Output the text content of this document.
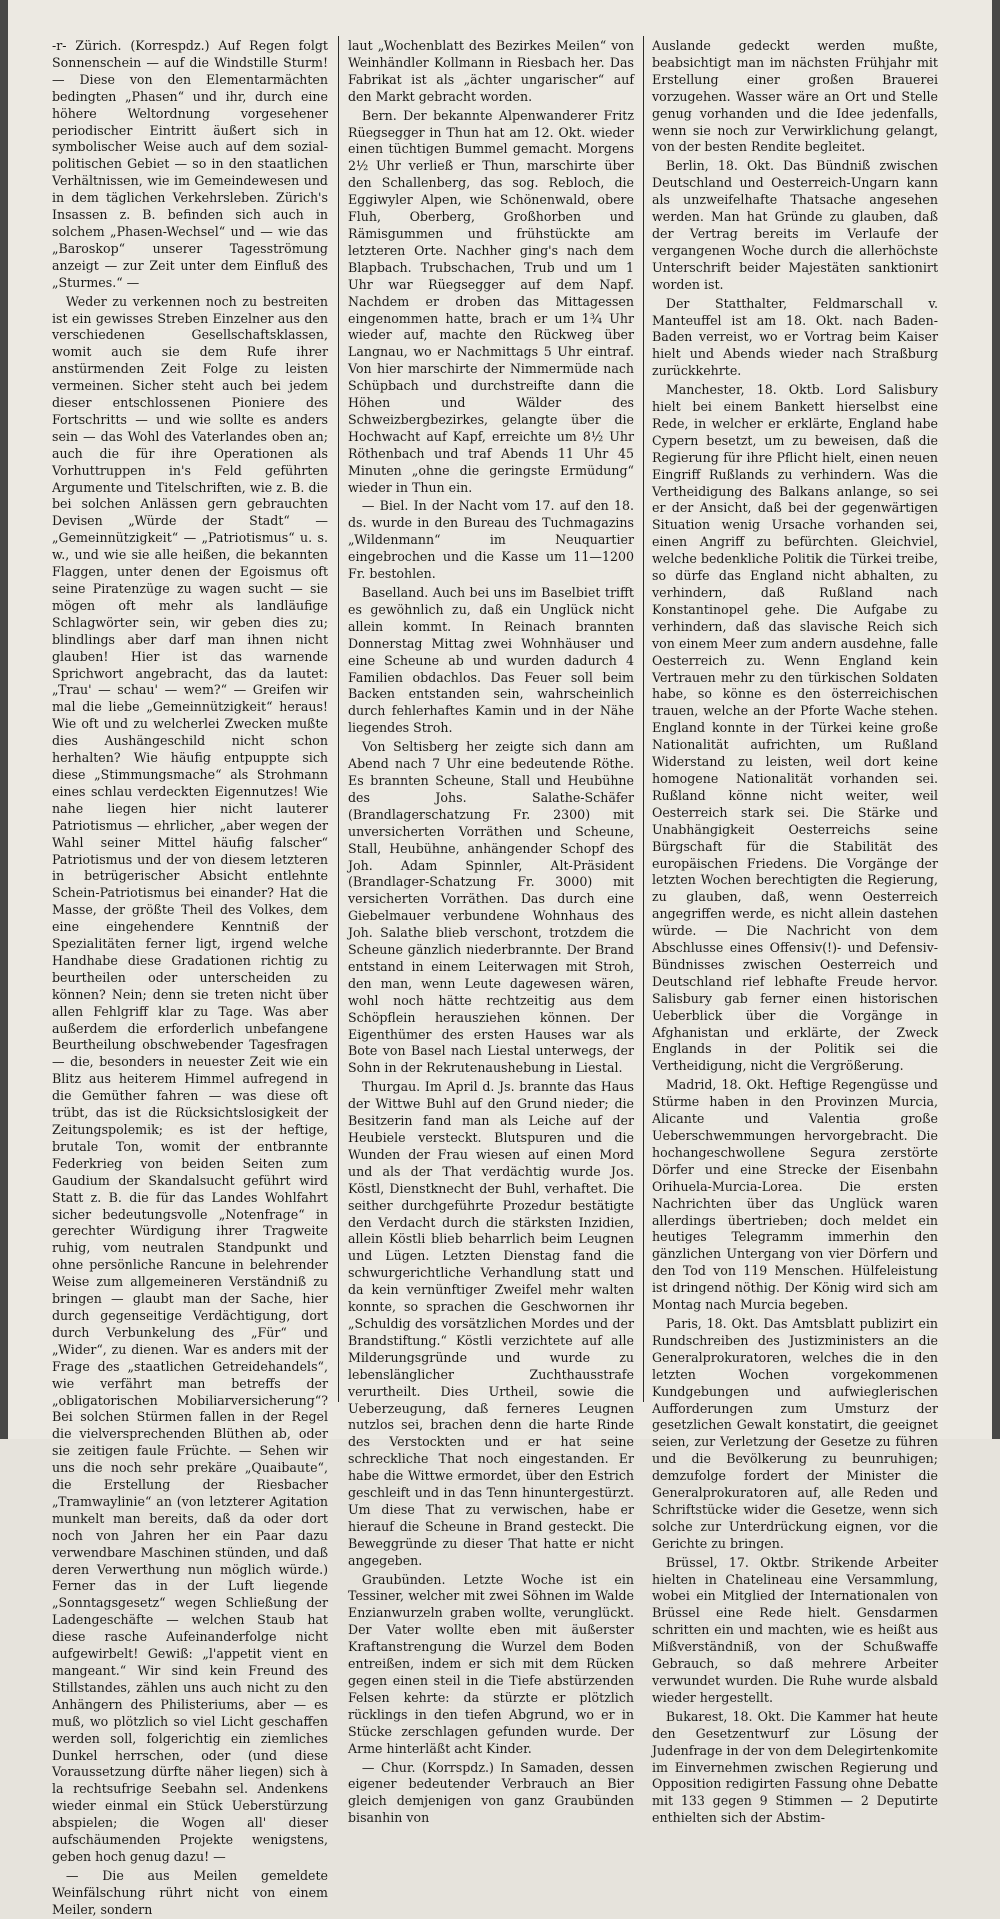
-r- Zürich. (Korrespdz.) Auf Regen folgt Sonnenschein — auf die Windstille Sturm! — Diese von den Elementarmächten bedingten „Phasen“ und ihr, durch eine höhere Weltordnung vorgesehener periodischer Eintritt äußert sich in symbolischer Weise auch auf dem sozial-politischen Gebiet — so in den staatlichen Verhältnissen, wie im Gemeindewesen und in dem täglichen Verkehrsleben. Zürich's Insassen z. B. befinden sich auch in solchem „Phasen-Wechsel“ und — wie das „Baroskop“ unserer Tagesströmung anzeigt — zur Zeit unter dem Einfluß des „Sturmes.“ —

Weder zu verkennen noch zu bestreiten ist ein gewisses Streben Einzelner aus den verschiedenen Gesellschaftsklassen, womit auch sie dem Rufe ihrer anstürmenden Zeit Folge zu leisten vermeinen. Sicher steht auch bei jedem dieser entschlossenen Pioniere des Fortschritts — und wie sollte es anders sein — das Wohl des Vaterlandes oben an; auch die für ihre Operationen als Vorhuttruppen in's Feld geführten Argumente und Titelschriften, wie z. B. die bei solchen Anlässen gern gebrauchten Devisen „Würde der Stadt“ — „Gemeinnützigkeit“ — „Patriotismus“ u. s. w., und wie sie alle heißen, die bekannten Flaggen, unter denen der Egoismus oft seine Piratenzüge zu wagen sucht — sie mögen oft mehr als landläufige Schlagwörter sein, wir geben dies zu; blindlings aber darf man ihnen nicht glauben! Hier ist das warnende Sprichwort angebracht, das da lautet: „Trau' — schau' — wem?“ — Greifen wir mal die liebe „Gemeinnützigkeit“ heraus! Wie oft und zu welcherlei Zwecken mußte dies Aushängeschild nicht schon herhalten? Wie häufig entpuppte sich diese „Stimmungsmache“ als Strohmann eines schlau verdeckten Eigennutzes! Wie nahe liegen hier nicht lauterer Patriotismus — ehrlicher, „aber wegen der Wahl seiner Mittel häufig falscher“ Patriotismus und der von diesem letzteren in betrügerischer Absicht entlehnte Schein-Patriotismus bei einander? Hat die Masse, der größte Theil des Volkes, dem eine eingehendere Kenntniß der Spezialitäten ferner ligt, irgend welche Handhabe diese Gradationen richtig zu beurtheilen oder unterscheiden zu können? Nein; denn sie treten nicht über allen Fehlgriff klar zu Tage. Was aber außerdem die erforderlich unbefangene Beurtheilung obschwebender Tagesfragen — die, besonders in neuester Zeit wie ein Blitz aus heiterem Himmel aufregend in die Gemüther fahren — was diese oft trübt, das ist die Rücksichtslosigkeit der Zeitungspolemik; es ist der heftige, brutale Ton, womit der entbrannte Federkrieg von beiden Seiten zum Gaudium der Skandalsucht geführt wird Statt z. B. die für das Landes Wohlfahrt sicher bedeutungsvolle „Notenfrage“ in gerechter Würdigung ihrer Tragweite ruhig, vom neutralen Standpunkt und ohne persönliche Rancune in belehrender Weise zum allgemeineren Verständniß zu bringen — glaubt man der Sache, hier durch gegenseitige Verdächtigung, dort durch Verbunkelung des „Für“ und „Wider“, zu dienen. War es anders mit der Frage des „staatlichen Getreidehandels“, wie verfährt man betreffs der „obligatorischen Mobiliarversicherung“? Bei solchen Stürmen fallen in der Regel die vielversprechenden Blüthen ab, oder sie zeitigen faule Früchte. — Sehen wir uns die noch sehr prekäre „Quaibaute“, die Erstellung der Riesbacher „Tramwaylinie“ an (von letzterer Agitation munkelt man bereits, daß da oder dort noch von Jahren her ein Paar dazu verwendbare Maschinen stünden, und daß deren Verwerthung nun möglich würde.) Ferner das in der Luft liegende „Sonntagsgesetz“ wegen Schließung der Ladengeschäfte — welchen Staub hat diese rasche Aufeinanderfolge nicht aufgewirbelt! Gewiß: „l'appetit vient en mangeant.“ Wir sind kein Freund des Stillstandes, zählen uns auch nicht zu den Anhängern des Philisteriums, aber — es muß, wo plötzlich so viel Licht geschaffen werden soll, folgerichtig ein ziemliches Dunkel herrschen, oder (und diese Voraussetzung dürfte näher liegen) sich à la rechtsufrige Seebahn sel. Andenkens wieder einmal ein Stück Ueberstürzung abspielen; die Wogen all' dieser aufschäumenden Projekte wenigstens, geben hoch genug dazu! —

— Die aus Meilen gemeldete Weinfälschung rührt nicht von einem Meiler, sondern

laut „Wochenblatt des Bezirkes Meilen“ von Weinhändler Kollmann in Riesbach her. Das Fabrikat ist als „ächter ungarischer“ auf den Markt gebracht worden.

Bern. Der bekannte Alpenwanderer Fritz Rüegsegger in Thun hat am 12. Okt. wieder einen tüchtigen Bummel gemacht. Morgens 2½ Uhr verließ er Thun, marschirte über den Schallenberg, das sog. Rebloch, die Eggiwyler Alpen, wie Schönenwald, obere Fluh, Oberberg, Großhorben und Rämisgummen und frühstückte am letzteren Orte. Nachher ging's nach dem Blapbach. Trubschachen, Trub und um 1 Uhr war Rüegsegger auf dem Napf. Nachdem er droben das Mittagessen eingenommen hatte, brach er um 1¾ Uhr wieder auf, machte den Rückweg über Langnau, wo er Nachmittags 5 Uhr eintraf. Von hier marschirte der Nimmermüde nach Schüpbach und durchstreifte dann die Höhen und Wälder des Schweizbergbezirkes, gelangte über die Hochwacht auf Kapf, erreichte um 8½ Uhr Röthenbach und traf Abends 11 Uhr 45 Minuten „ohne die geringste Ermüdung“ wieder in Thun ein.

— Biel. In der Nacht vom 17. auf den 18. ds. wurde in den Bureau des Tuchmagazins „Wildenmann“ im Neuquartier eingebrochen und die Kasse um 11—1200 Fr. bestohlen.

Baselland. Auch bei uns im Baselbiet trifft es gewöhnlich zu, daß ein Unglück nicht allein kommt. In Reinach brannten Donnerstag Mittag zwei Wohnhäuser und eine Scheune ab und wurden dadurch 4 Familien obdachlos. Das Feuer soll beim Backen entstanden sein, wahrscheinlich durch fehlerhaftes Kamin und in der Nähe liegendes Stroh.

Von Seltisberg her zeigte sich dann am Abend nach 7 Uhr eine bedeutende Röthe. Es brannten Scheune, Stall und Heubühne des Johs. Salathe-Schäfer (Brandlagerschatzung Fr. 2300) mit unversicherten Vorräthen und Scheune, Stall, Heubühne, anhängender Schopf des Joh. Adam Spinnler, Alt-Präsident (Brandlager-Schatzung Fr. 3000) mit versicherten Vorräthen. Das durch eine Giebelmauer verbundene Wohnhaus des Joh. Salathe blieb verschont, trotzdem die Scheune gänzlich niederbrannte. Der Brand entstand in einem Leiterwagen mit Stroh, den man, wenn Leute dagewesen wären, wohl noch hätte rechtzeitig aus dem Schöpflein herausziehen können. Der Eigenthümer des ersten Hauses war als Bote von Basel nach Liestal unterwegs, der Sohn in der Rekrutenaushebung in Liestal.

Thurgau. Im April d. Js. brannte das Haus der Wittwe Buhl auf den Grund nieder; die Besitzerin fand man als Leiche auf der Heubiele versteckt. Blutspuren und die Wunden der Frau wiesen auf einen Mord und als der That verdächtig wurde Jos. Köstl, Dienstknecht der Buhl, verhaftet. Die seither durchgeführte Prozedur bestätigte den Verdacht durch die stärksten Inzidien, allein Köstli blieb beharrlich beim Leugnen und Lügen. Letzten Dienstag fand die schwurgerichtliche Verhandlung statt und da kein vernünftiger Zweifel mehr walten konnte, so sprachen die Geschwornen ihr „Schuldig des vorsätzlichen Mordes und der Brandstiftung.“ Köstli verzichtete auf alle Milderungsgründe und wurde zu lebenslänglicher Zuchthausstrafe verurtheilt. Dies Urtheil, sowie die Ueberzeugung, daß ferneres Leugnen nutzlos sei, brachen denn die harte Rinde des Verstockten und er hat seine schreckliche That noch eingestanden. Er habe die Wittwe ermordet, über den Estrich geschleift und in das Tenn hinuntergestürzt. Um diese That zu verwischen, habe er hierauf die Scheune in Brand gesteckt. Die Beweggründe zu dieser That hatte er nicht angegeben.

Graubünden. Letzte Woche ist ein Tessiner, welcher mit zwei Söhnen im Walde Enzianwurzeln graben wollte, verunglückt. Der Vater wollte eben mit äußerster Kraftanstrengung die Wurzel dem Boden entreißen, indem er sich mit dem Rücken gegen einen steil in die Tiefe abstürzenden Felsen kehrte: da stürzte er plötzlich rücklings in den tiefen Abgrund, wo er in Stücke zerschlagen gefunden wurde. Der Arme hinterläßt acht Kinder.

— Chur. (Korrspdz.) In Samaden, dessen eigener bedeutender Verbrauch an Bier gleich demjenigen von ganz Graubünden bisanhin von

Auslande gedeckt werden mußte, beabsichtigt man im nächsten Frühjahr mit Erstellung einer großen Brauerei vorzugehen. Wasser wäre an Ort und Stelle genug vorhanden und die Idee jedenfalls, wenn sie noch zur Verwirklichung gelangt, von der besten Rendite begleitet.

Berlin, 18. Okt. Das Bündniß zwischen Deutschland und Oesterreich-Ungarn kann als unzweifelhafte Thatsache angesehen werden. Man hat Gründe zu glauben, daß der Vertrag bereits im Verlaufe der vergangenen Woche durch die allerhöchste Unterschrift beider Majestäten sanktionirt worden ist.

Der Statthalter, Feldmarschall v. Manteuffel ist am 18. Okt. nach Baden-Baden verreist, wo er Vortrag beim Kaiser hielt und Abends wieder nach Straßburg zurückkehrte.

Manchester, 18. Oktb. Lord Salisbury hielt bei einem Bankett hierselbst eine Rede, in welcher er erklärte, England habe Cypern besetzt, um zu beweisen, daß die Regierung für ihre Pflicht hielt, einen neuen Eingriff Rußlands zu verhindern. Was die Vertheidigung des Balkans anlange, so sei er der Ansicht, daß bei der gegenwärtigen Situation wenig Ursache vorhanden sei, einen Angriff zu befürchten. Gleichviel, welche bedenkliche Politik die Türkei treibe, so dürfe das England nicht abhalten, zu verhindern, daß Rußland nach Konstantinopel gehe. Die Aufgabe zu verhindern, daß das slavische Reich sich von einem Meer zum andern ausdehne, falle Oesterreich zu. Wenn England kein Vertrauen mehr zu den türkischen Soldaten habe, so könne es den österreichischen trauen, welche an der Pforte Wache stehen. England konnte in der Türkei keine große Nationalität aufrichten, um Rußland Widerstand zu leisten, weil dort keine homogene Nationalität vorhanden sei. Rußland könne nicht weiter, weil Oesterreich stark sei. Die Stärke und Unabhängigkeit Oesterreichs seine Bürgschaft für die Stabilität des europäischen Friedens. Die Vorgänge der letzten Wochen berechtigten die Regierung, zu glauben, daß, wenn Oesterreich angegriffen werde, es nicht allein dastehen würde. — Die Nachricht von dem Abschlusse eines Offensiv(!)- und Defensiv-Bündnisses zwischen Oesterreich und Deutschland rief lebhafte Freude hervor. Salisbury gab ferner einen historischen Ueberblick über die Vorgänge in Afghanistan und erklärte, der Zweck Englands in der Politik sei die Vertheidigung, nicht die Vergrößerung.

Madrid, 18. Okt. Heftige Regengüsse und Stürme haben in den Provinzen Murcia, Alicante und Valentia große Ueberschwemmungen hervorgebracht. Die hochangeschwollene Segura zerstörte Dörfer und eine Strecke der Eisenbahn Orihuela-Murcia-Lorea. Die ersten Nachrichten über das Unglück waren allerdings übertrieben; doch meldet ein heutiges Telegramm immerhin den gänzlichen Untergang von vier Dörfern und den Tod von 119 Menschen. Hülfeleistung ist dringend nöthig. Der König wird sich am Montag nach Murcia begeben.

Paris, 18. Okt. Das Amtsblatt publizirt ein Rundschreiben des Justizministers an die Generalprokuratoren, welches die in den letzten Wochen vorgekommenen Kundgebungen und aufwieglerischen Aufforderungen zum Umsturz der gesetzlichen Gewalt konstatirt, die geeignet seien, zur Verletzung der Gesetze zu führen und die Bevölkerung zu beunruhigen; demzufolge fordert der Minister die Generalprokuratoren auf, alle Reden und Schriftstücke wider die Gesetze, wenn sich solche zur Unterdrückung eignen, vor die Gerichte zu bringen.

Brüssel, 17. Oktbr. Strikende Arbeiter hielten in Chatelineau eine Versammlung, wobei ein Mitglied der Internationalen von Brüssel eine Rede hielt. Gensdarmen schritten ein und machten, wie es heißt aus Mißverständniß, von der Schußwaffe Gebrauch, so daß mehrere Arbeiter verwundet wurden. Die Ruhe wurde alsbald wieder hergestellt.

Bukarest, 18. Okt. Die Kammer hat heute den Gesetzentwurf zur Lösung der Judenfrage in der von dem Delegirtenkomite im Einvernehmen zwischen Regierung und Opposition redigirten Fassung ohne Debatte mit 133 gegen 9 Stimmen — 2 Deputirte enthielten sich der Abstim-
